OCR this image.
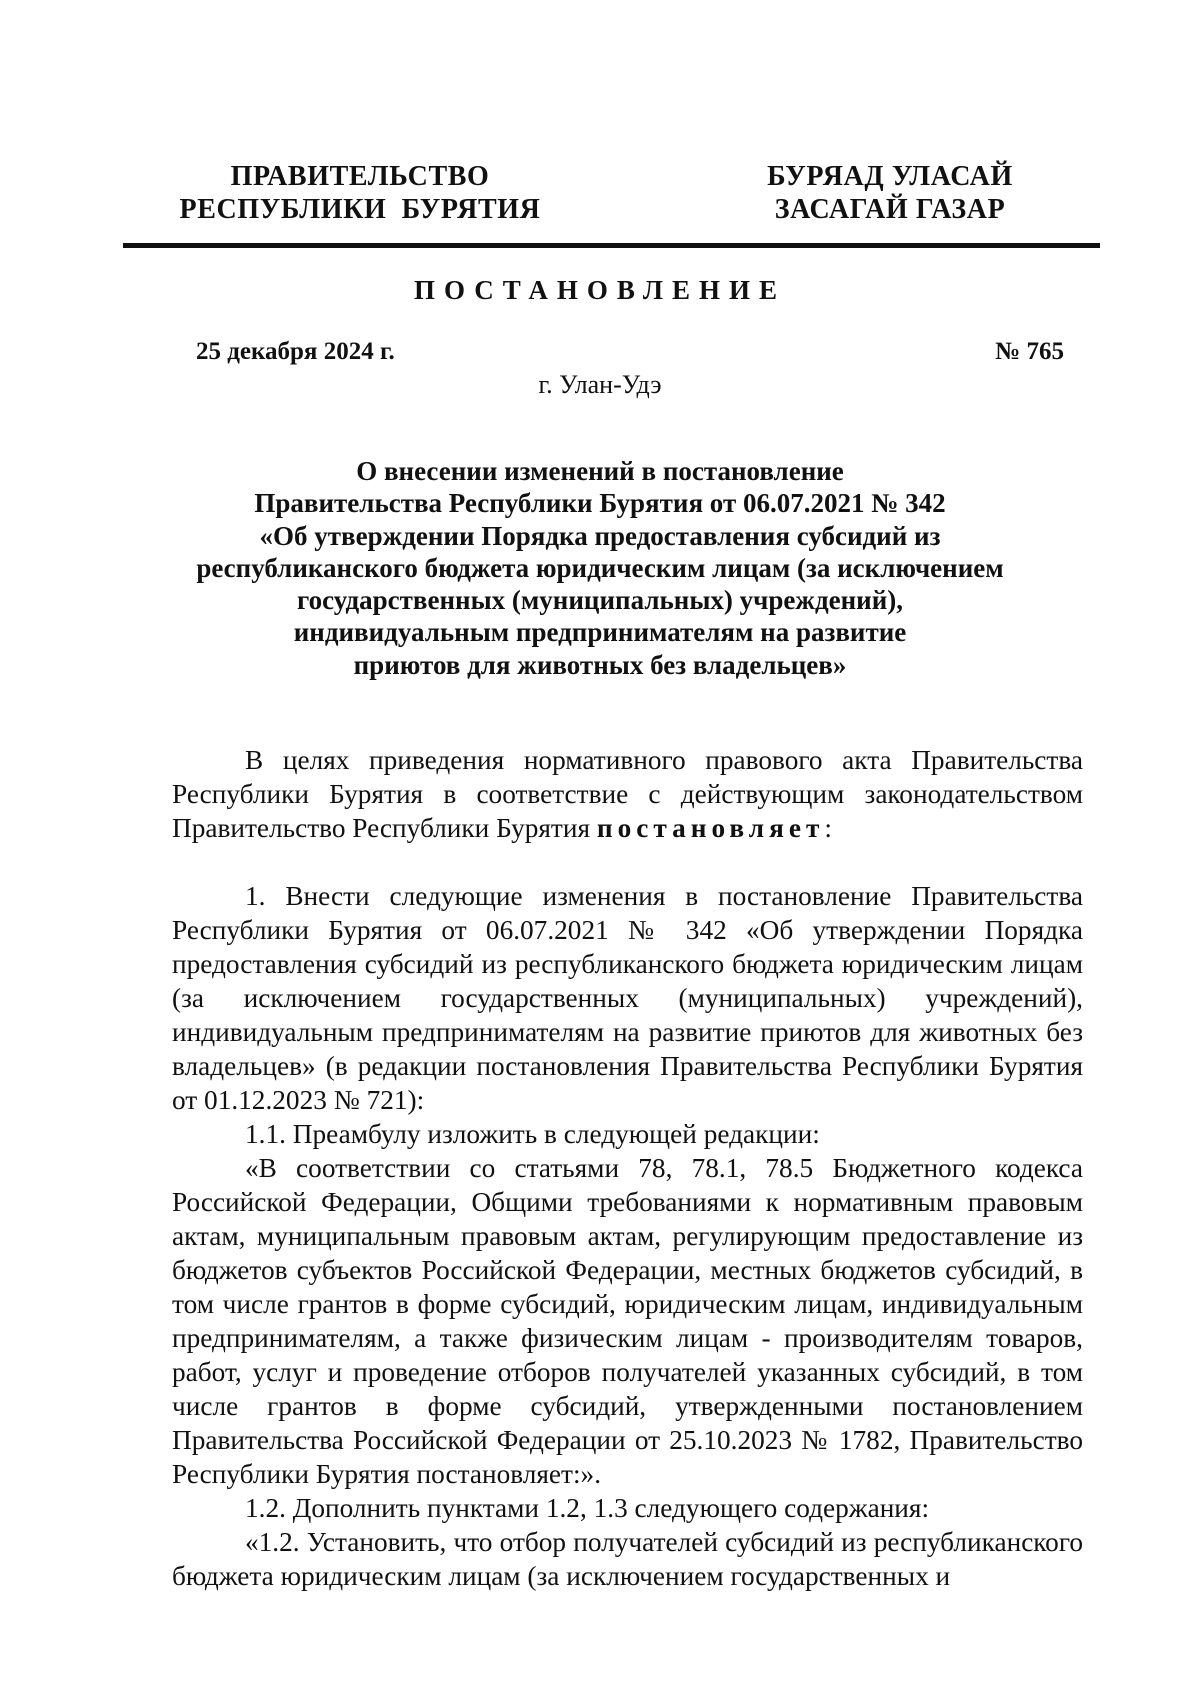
ПРАВИТЕЛЬСТВО
РЕСПУБЛИКИ  БУРЯТИЯ
БУРЯАД УЛАСАЙ
ЗАСАГАЙ ГАЗАР
ПОСТАНОВЛЕНИЕ
25 декабря 2024 г.	№ 765
г. Улан-Удэ
О внесении изменений в постановление
Правительства Республики Бурятия от 06.07.2021 № 342
«Об утверждении Порядка предоставления субсидий из
республиканского бюджета юридическим лицам (за исключением
государственных (муниципальных) учреждений),
индивидуальным предпринимателям на развитие
приютов для животных без владельцев»

В целях приведения нормативного правового акта Правительства Республики Бурятия в соответствие с действующим законодательством Правительство Республики Бурятия постановляет:

1. Внести следующие изменения в постановление Правительства Республики Бурятия от 06.07.2021 № 342 «Об утверждении Порядка предоставления субсидий из республиканского бюджета юридическим лицам (за исключением государственных (муниципальных) учреждений), индивидуальным предпринимателям на развитие приютов для животных без владельцев» (в редакции постановления Правительства Республики Бурятия от 01.12.2023 № 721):

1.1. Преамбулу изложить в следующей редакции:

«В соответствии со статьями 78, 78.1, 78.5 Бюджетного кодекса Российской Федерации, Общими требованиями к нормативным правовым актам, муниципальным правовым актам, регулирующим предоставление из бюджетов субъектов Российской Федерации, местных бюджетов субсидий, в том числе грантов в форме субсидий, юридическим лицам, индивидуальным предпринимателям, а также физическим лицам - производителям товаров, работ, услуг и проведение отборов получателей указанных субсидий, в том числе грантов в форме субсидий, утвержденными постановлением Правительства Российской Федерации от 25.10.2023 № 1782, Правительство Республики Бурятия постановляет:».

1.2. Дополнить пунктами 1.2, 1.3 следующего содержания:

«1.2. Установить, что отбор получателей субсидий из республиканского бюджета юридическим лицам (за исключением государственных и
